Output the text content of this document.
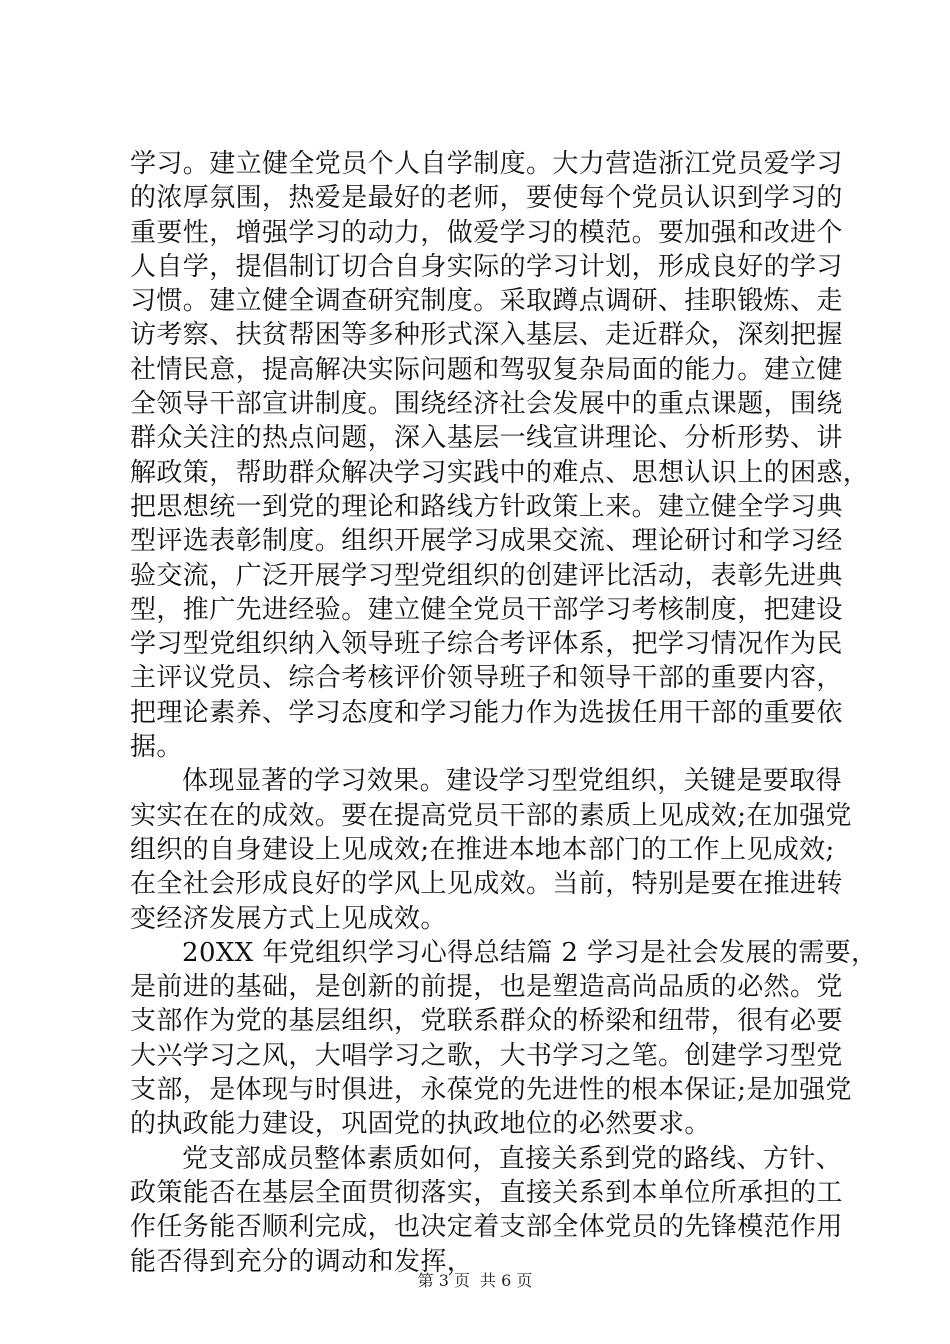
学习。建立健全党员个人自学制度。大力营造浙江党员爱学习
的浓厚氛围，热爱是最好的老师，要使每个党员认识到学习的
重要性，增强学习的动力，做爱学习的模范。要加强和改进个
人自学，提倡制订切合自身实际的学习计划，形成良好的学习
习惯。建立健全调查研究制度。采取蹲点调研、挂职锻炼、走
访考察、扶贫帮困等多种形式深入基层、走近群众，深刻把握
社情民意，提高解决实际问题和驾驭复杂局面的能力。建立健
全领导干部宣讲制度。围绕经济社会发展中的重点课题，围绕
群众关注的热点问题，深入基层一线宣讲理论、分析形势、讲
解政策，帮助群众解决学习实践中的难点、思想认识上的困惑，
把思想统一到党的理论和路线方针政策上来。建立健全学习典
型评选表彰制度。组织开展学习成果交流、理论研讨和学习经
验交流，广泛开展学习型党组织的创建评比活动，表彰先进典
型，推广先进经验。建立健全党员干部学习考核制度，把建设
学习型党组织纳入领导班子综合考评体系，把学习情况作为民
主评议党员、综合考核评价领导班子和领导干部的重要内容，
把理论素养、学习态度和学习能力作为选拔任用干部的重要依
据。
体现显著的学习效果。建设学习型党组织，关键是要取得
实实在在的成效。要在提高党员干部的素质上见成效;在加强党
组织的自身建设上见成效;在推进本地本部门的工作上见成效;
在全社会形成良好的学风上见成效。当前，特别是要在推进转
变经济发展方式上见成效。
20XX 年党组织学习心得总结篇 2 学习是社会发展的需要，
是前进的基础，是创新的前提，也是塑造高尚品质的必然。党
支部作为党的基层组织，党联系群众的桥梁和纽带，很有必要
大兴学习之风，大唱学习之歌，大书学习之笔。创建学习型党
支部，是体现与时俱进，永葆党的先进性的根本保证;是加强党
的执政能力建设，巩固党的执政地位的必然要求。
党支部成员整体素质如何，直接关系到党的路线、方针、
政策能否在基层全面贯彻落实，直接关系到本单位所承担的工
作任务能否顺利完成，也决定着支部全体党员的先锋模范作用
能否得到充分的调动和发挥，
第 3 页 共 6 页
